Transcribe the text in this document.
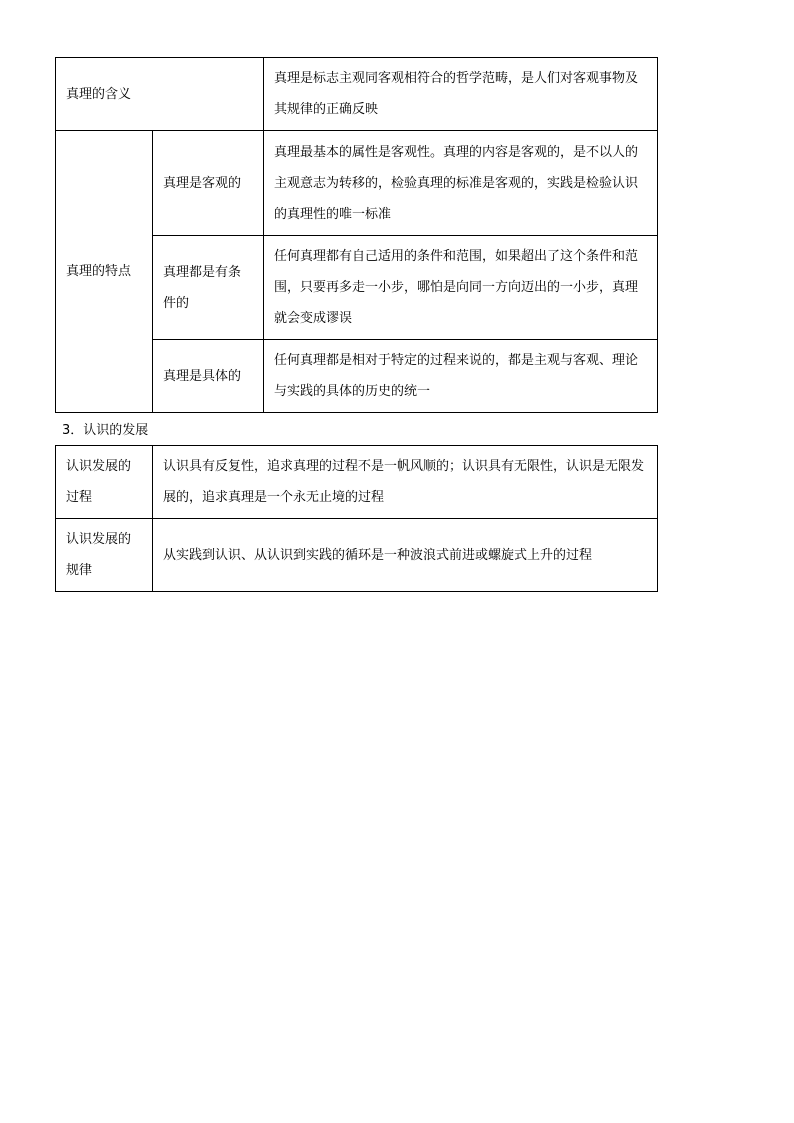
真理的含义		真理是标志主观同客观相符合的哲学范畴，是人们对客观事物及其规律的正确反映
真理的特点	真理是客观的	真理最基本的属性是客观性。真理的内容是客观的，是不以人的主观意志为转移的，检验真理的标准是客观的，实践是检验认识的真理性的唯一标准
	真理都是有条件的	任何真理都有自己适用的条件和范围，如果超出了这个条件和范围，只要再多走一小步，哪怕是向同一方向迈出的一小步，真理就会变成谬误
	真理是具体的	任何真理都是相对于特定的过程来说的，都是主观与客观、理论与实践的具体的历史的统一
3．认识的发展
认识发展的过程	认识具有反复性，追求真理的过程不是一帆风顺的；认识具有无限性，认识是无限发展的，追求真理是一个永无止境的过程
认识发展的规律	从实践到认识、从认识到实践的循环是一种波浪式前进或螺旋式上升的过程
